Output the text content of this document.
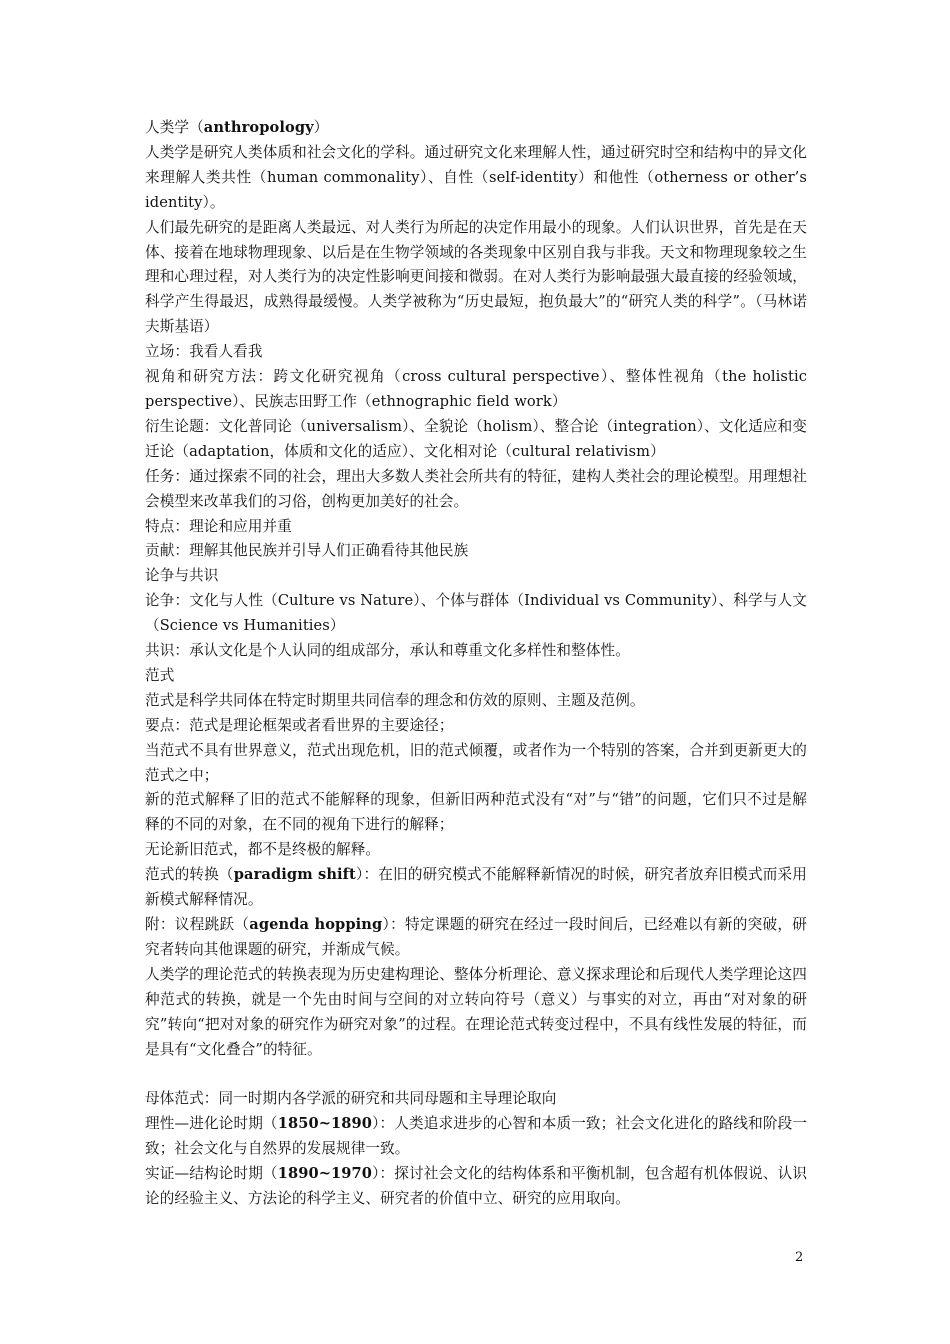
人类学（anthropology）

人类学是研究人类体质和社会文化的学科。通过研究文化来理解人性，通过研究时空和结构中的异文化来理解人类共性（human commonality）、自性（self-identity）和他性（otherness or other’s identity）。

人们最先研究的是距离人类最远、对人类行为所起的决定作用最小的现象。人们认识世界，首先是在天体、接着在地球物理现象、以后是在生物学领域的各类现象中区别自我与非我。天文和物理现象较之生理和心理过程，对人类行为的决定性影响更间接和微弱。在对人类行为影响最强大最直接的经验领域，科学产生得最迟，成熟得最缓慢。人类学被称为“历史最短，抱负最大”的“研究人类的科学”。（马林诺夫斯基语）

立场：我看人看我

视角和研究方法：跨文化研究视角（cross cultural perspective）、整体性视角（the holistic perspective）、民族志田野工作（ethnographic field work）

衍生论题：文化普同论（universalism）、全貌论（holism）、整合论（integration）、文化适应和变迁论（adaptation，体质和文化的适应）、文化相对论（cultural relativism）

任务：通过探索不同的社会，理出大多数人类社会所共有的特征，建构人类社会的理论模型。用理想社会模型来改革我们的习俗，创构更加美好的社会。

特点：理论和应用并重

贡献：理解其他民族并引导人们正确看待其他民族

论争与共识

论争：文化与人性（Culture vs Nature）、个体与群体（Individual vs Community）、科学与人文（Science vs Humanities）

共识：承认文化是个人认同的组成部分，承认和尊重文化多样性和整体性。

范式

范式是科学共同体在特定时期里共同信奉的理念和仿效的原则、主题及范例。

要点：范式是理论框架或者看世界的主要途径；

当范式不具有世界意义，范式出现危机，旧的范式倾覆，或者作为一个特别的答案，合并到更新更大的范式之中；

新的范式解释了旧的范式不能解释的现象，但新旧两种范式没有“对”与“错”的问题，它们只不过是解释的不同的对象，在不同的视角下进行的解释；

无论新旧范式，都不是终极的解释。

范式的转换（paradigm shift）：在旧的研究模式不能解释新情况的时候，研究者放弃旧模式而采用新模式解释情况。

附：议程跳跃（agenda hopping）：特定课题的研究在经过一段时间后，已经难以有新的突破，研究者转向其他课题的研究，并渐成气候。

人类学的理论范式的转换表现为历史建构理论、整体分析理论、意义探求理论和后现代人类学理论这四种范式的转换，就是一个先由时间与空间的对立转向符号（意义）与事实的对立，再由“对对象的研究”转向“把对对象的研究作为研究对象”的过程。在理论范式转变过程中，不具有线性发展的特征，而是具有“文化叠合”的特征。

母体范式：同一时期内各学派的研究和共同母题和主导理论取向

理性—进化论时期（1850~1890）：人类追求进步的心智和本质一致；社会文化进化的路线和阶段一致；社会文化与自然界的发展规律一致。

实证—结构论时期（1890~1970）：探讨社会文化的结构体系和平衡机制，包含超有机体假说、认识论的经验主义、方法论的科学主义、研究者的价值中立、研究的应用取向。

2
